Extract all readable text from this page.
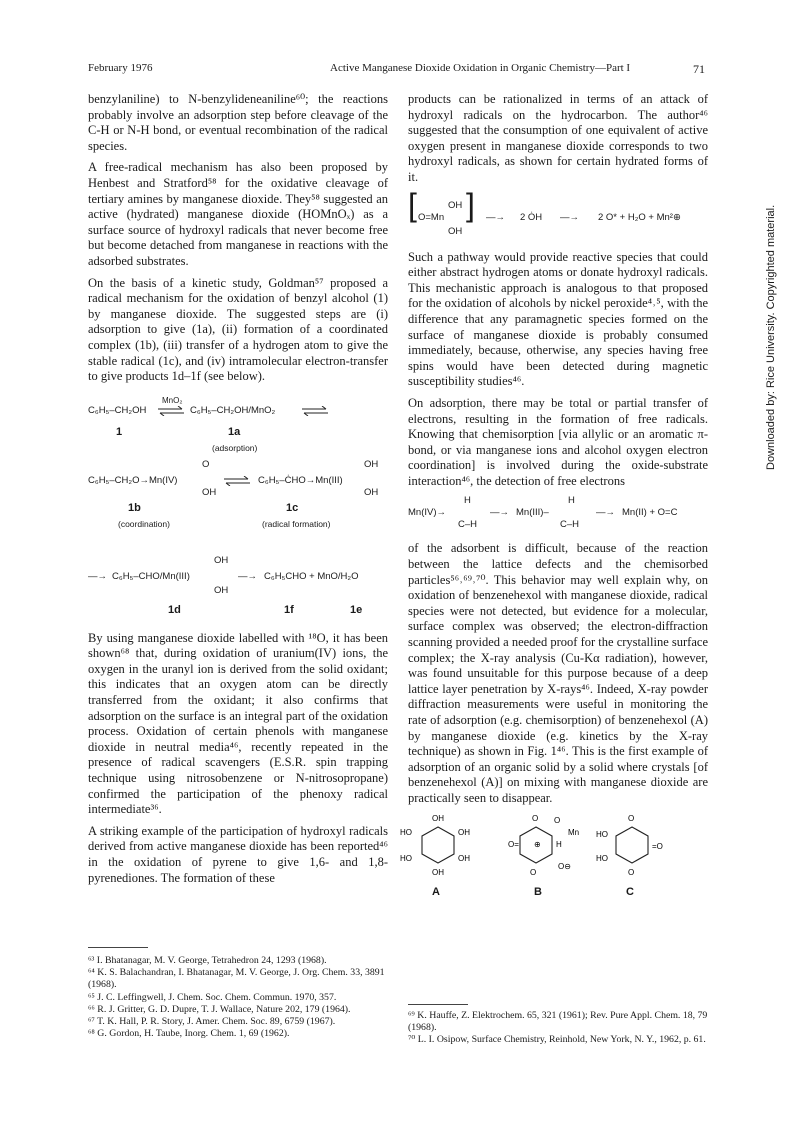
February 1976	Active Manganese Dioxide Oxidation in Organic Chemistry—Part I	71
Downloaded by: Rice University. Copyrighted material.

benzylaniline) to N-benzylideneaniline⁶⁰; the reactions probably involve an adsorption step before cleavage of the C-H or N-H bond, or eventual recombination of the radical species.

A free-radical mechanism has also been proposed by Henbest and Stratford⁵⁸ for the oxidative cleavage of tertiary amines by manganese dioxide. They⁵⁸ suggested an active (hydrated) manganese dioxide (HOMnOₓ) as a surface source of hydroxyl radicals that never become free but become detached from manganese in reactions with the adsorbed substrates.

On the basis of a kinetic study, Goldman⁵⁷ proposed a radical mechanism for the oxidation of benzyl alcohol (1) by manganese dioxide. The suggested steps are (i) adsorption to give (1a), (ii) formation of a coordinated complex (1b), (iii) transfer of a hydrogen atom to give the stable radical (1c), and (iv) intramolecular electron-transfer to give products 1d–1f (see below).

C₆H₅–CH₂OH
MnO₂
⇌ C₆H₅–CH₂OH/MnO₂
1	1a
(adsorption)
O
C₆H₅–CH₂O→Mn(IV)
OH
OH
C₆H₅–ĊHO→Mn(III)
OH
1b
(coordination)
1c
(radical formation)
—→
OH
C₆H₅–CHO/Mn(III)
OH
—→ C₆H₅CHO + MnO/H₂O
1d	1f	1e

By using manganese dioxide labelled with ¹⁸O, it has been shown⁶⁸ that, during oxidation of uranium(IV) ions, the oxygen in the uranyl ion is derived from the solid oxidant; this indicates that an oxygen atom can be directly transferred from the oxidant; it also confirms that adsorption on the surface is an integral part of the oxidation process. Oxidation of certain phenols with manganese dioxide in neutral media⁴⁶, recently repeated in the presence of radical scavengers (E.S.R. spin trapping technique using nitrosobenzene or N-nitrosopropane) confirmed the participation of the phenoxy radical intermediate³⁶.

A striking example of the participation of hydroxyl radicals derived from active manganese dioxide has been reported⁴⁶ in the oxidation of pyrene to give 1,6- and 1,8-pyrenediones. The formation of these

⁶³ I. Bhatanagar, M. V. George, Tetrahedron 24, 1293 (1968).
⁶⁴ K. S. Balachandran, I. Bhatanagar, M. V. George, J. Org. Chem. 33, 3891 (1968).
⁶⁵ J. C. Leffingwell, J. Chem. Soc. Chem. Commun. 1970, 357.
⁶⁶ R. J. Gritter, G. D. Dupre, T. J. Wallace, Nature 202, 179 (1964).
⁶⁷ T. K. Hall, P. R. Story, J. Amer. Chem. Soc. 89, 6759 (1967).
⁶⁸ G. Gordon, H. Taube, Inorg. Chem. 1, 69 (1962).

products can be rationalized in terms of an attack of hydroxyl radicals on the hydrocarbon. The author⁴⁶ suggested that the consumption of one equivalent of active oxygen present in manganese dioxide corresponds to two hydroxyl radicals, as shown for certain hydrated forms of it.

[	OH
O=Mn
OH
] —→ 2 ȮH —→ 2 O* + H₂O + Mn²⊕

Such a pathway would provide reactive species that could either abstract hydrogen atoms or donate hydroxyl radicals. This mechanistic approach is analogous to that proposed for the oxidation of alcohols by nickel peroxide⁴˒⁵, with the difference that any paramagnetic species formed on the surface of manganese dioxide is probably consumed immediately, because, otherwise, any species having free spins would have been detected during magnetic susceptibility studies⁴⁶.

On adsorption, there may be total or partial transfer of electrons, resulting in the formation of free radicals. Knowing that chemisorption [via allylic or an aromatic π-bond, or via manganese ions and alcohol oxygen electron coordination] is involved during the oxide-substrate interaction⁴⁶, the detection of free electrons

Mn(IV)→
H
C–H
—→ Mn(III)–
H
C–H
—→ Mn(II) + O=C

of the adsorbent is difficult, because of the reaction between the lattice defects and the chemisorbed particles⁵⁶˒⁶⁹˒⁷⁰. This behavior may well explain why, on oxidation of benzenehexol with manganese dioxide, radical species were not detected, but evidence for a molecular, surface complex was observed; the electron-diffraction scanning provided a needed proof for the crystalline surface complex; the X-ray analysis (Cu-Kα radiation), however, was found unsuitable for this purpose because of a deep lattice layer penetration by X-rays⁴⁶. Indeed, X-ray powder diffraction measurements were useful in monitoring the rate of adsorption (e.g. chemisorption) of benzenehexol (A) by manganese dioxide (e.g. kinetics by the X-ray technique) as shown in Fig. 1⁴⁶. This is the first example of adsorption of an organic solid by a solid where crystals [of benzenehexol (A)] on mixing with manganese dioxide are practically seen to disappear.

OH
HO	OH
HO	OH
OH
O O
Mn
O= ⊕ H
O
O⊖
O
HO
=O
HO
O
A	B	C
⁶⁹ K. Hauffe, Z. Elektrochem. 65, 321 (1961); Rev. Pure Appl. Chem. 18, 79 (1968).
⁷⁰ L. I. Osipow, Surface Chemistry, Reinhold, New York, N. Y., 1962, p. 61.
